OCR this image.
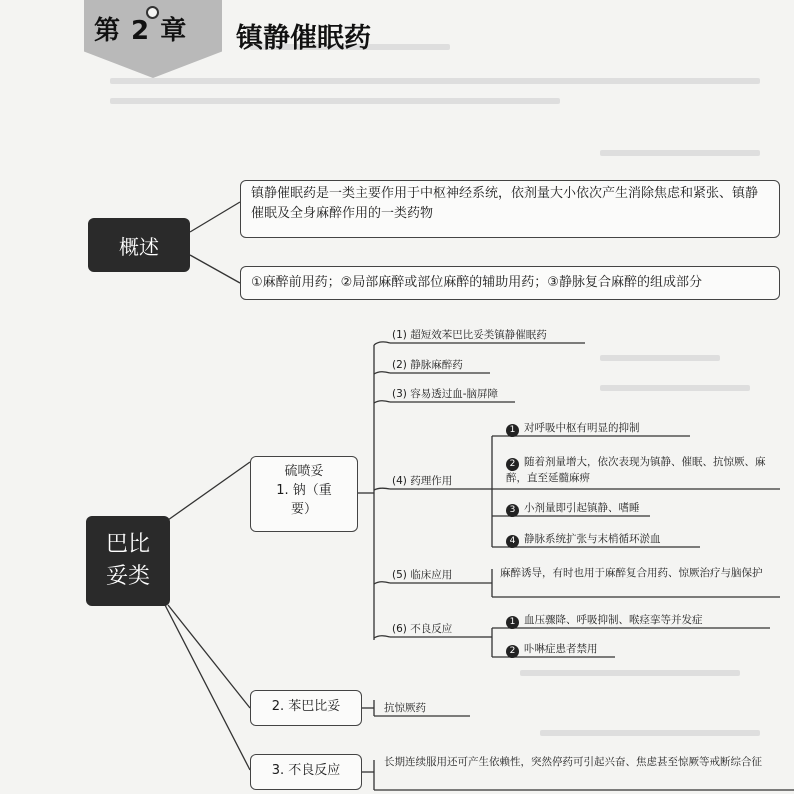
第 2 章 镇静催眠药
概述
镇静催眠药是一类主要作用于中枢神经系统，依剂量大小依次产生消除焦虑和紧张、镇静催眠及全身麻醉作用的一类药物
①麻醉前用药；②局部麻醉或部位麻醉的辅助用药；③静脉复合麻醉的组成部分
巴比
妥类
硫喷妥
1. 钠（重
要）
(1) 超短效苯巴比妥类镇静催眠药
(2) 静脉麻醉药
(3) 容易透过血-脑屏障
(4) 药理作用
(5) 临床应用
(6) 不良反应
1 对呼吸中枢有明显的抑制
2 随着剂量增大，依次表现为镇静、催眠、抗惊厥、麻醉，直至延髓麻痹
3 小剂量即引起镇静、嗜睡
4 静脉系统扩张与末梢循环淤血
麻醉诱导，有时也用于麻醉复合用药、惊厥治疗与脑保护
1 血压骤降、呼吸抑制、喉痉挛等并发症
2 卟啉症患者禁用
2. 苯巴比妥	抗惊厥药
3. 不良反应
长期连续服用还可产生依赖性，突然停药可引起兴奋、焦虑甚至惊厥等戒断综合征
